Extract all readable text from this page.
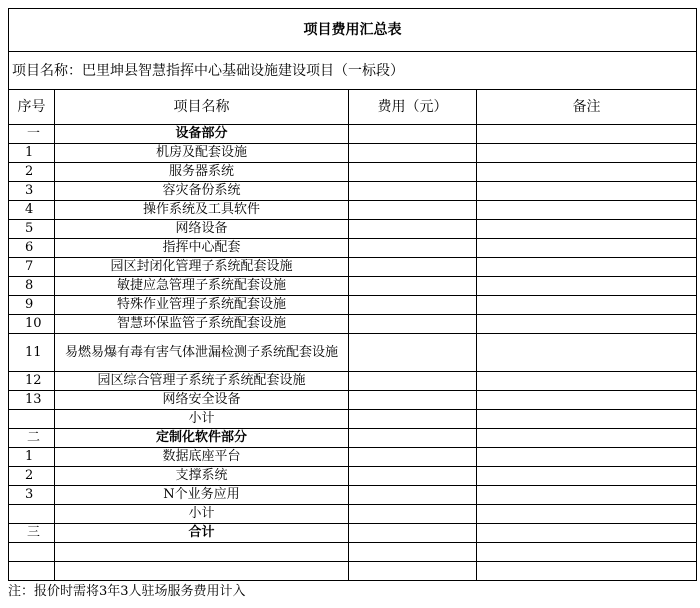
项目费用汇总表			
项目名称：巴里坤县智慧指挥中心基础设施建设项目（一标段）			
序号	项目名称	费用（元）	备注
一	设备部分		
1	机房及配套设施		
2	服务器系统		
3	容灾备份系统		
4	操作系统及工具软件		
5	网络设备		
6	指挥中心配套		
7	园区封闭化管理子系统配套设施		
8	敏捷应急管理子系统配套设施		
9	特殊作业管理子系统配套设施		
10	智慧环保监管子系统配套设施		
11	易燃易爆有毒有害气体泄漏检测子系统配套设施		
12	园区综合管理子系统子系统配套设施		
13	网络安全设备		
	小计		
二	定制化软件部分		
1	数据底座平台		
2	支撑系统		
3	N个业务应用		
	小计		
三	合计		

注：报价时需将3年3人驻场服务费用计入
